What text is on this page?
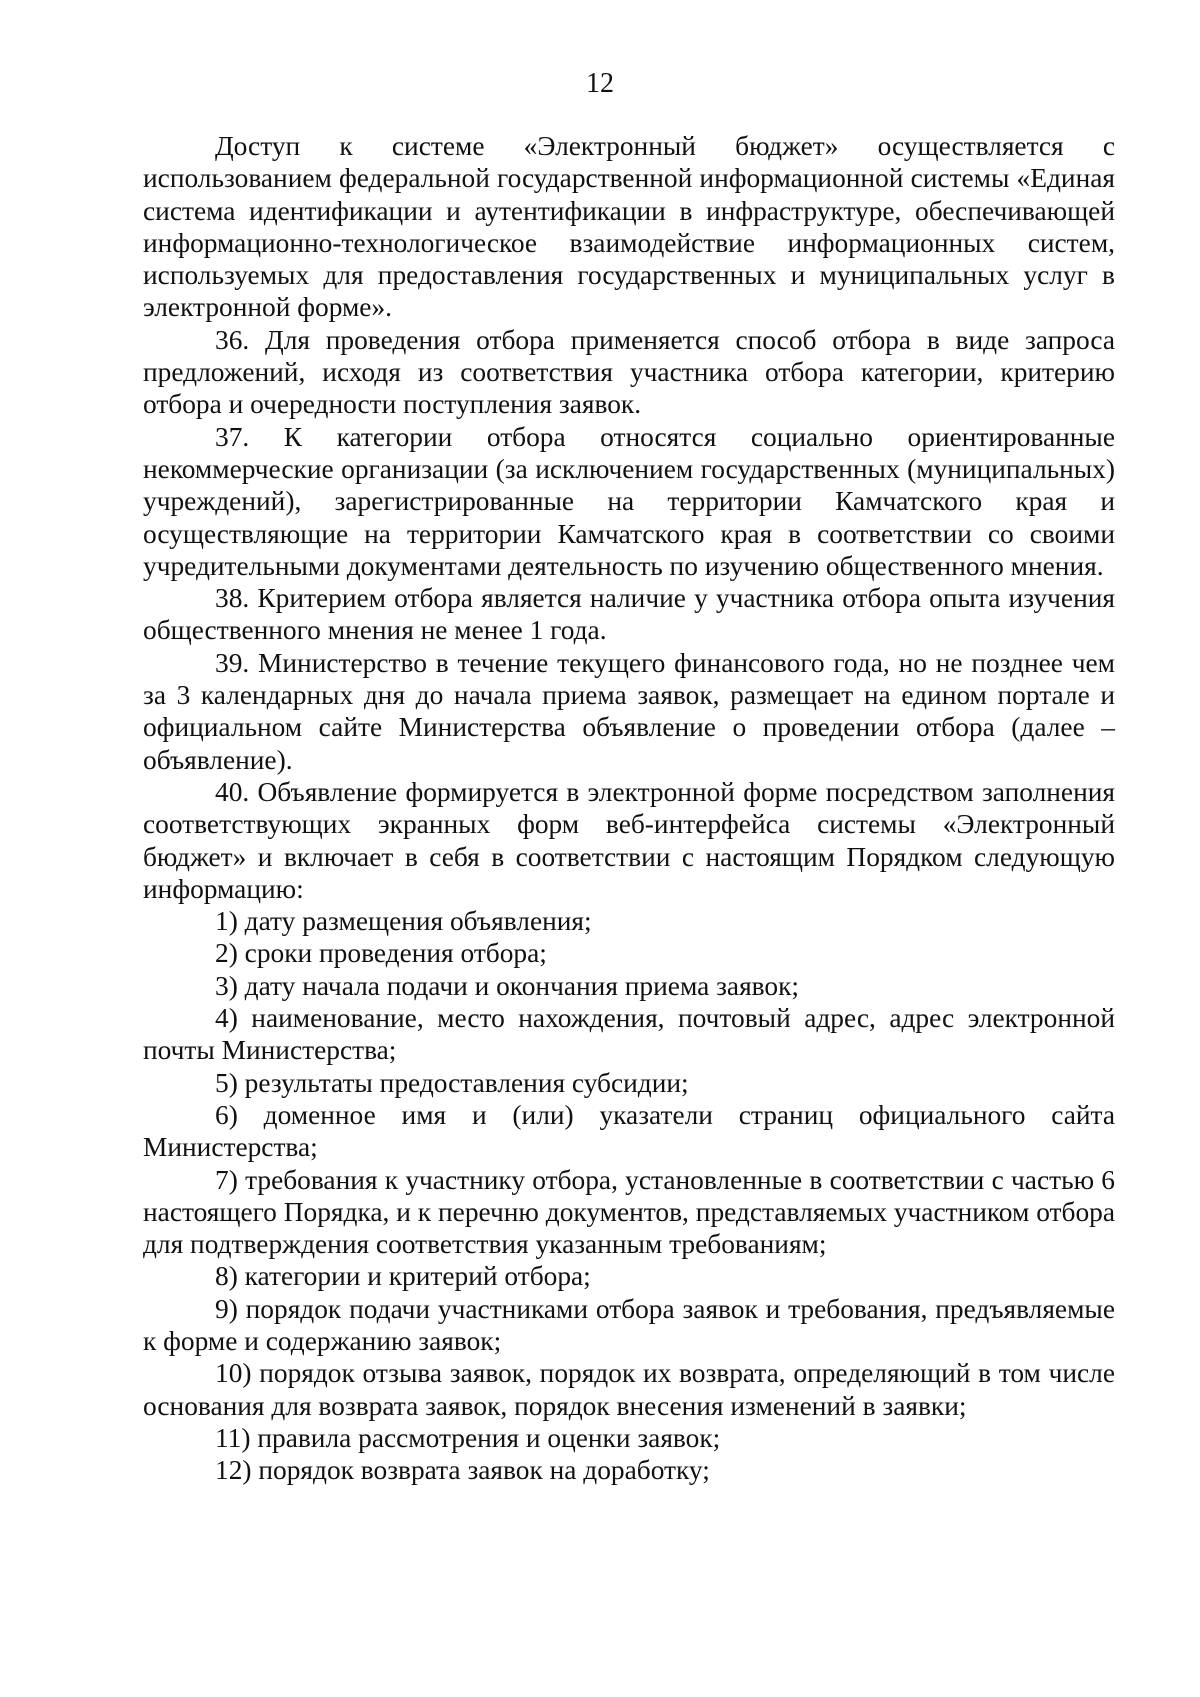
12

Доступ к системе «Электронный бюджет» осуществляется с использованием федеральной государственной информационной системы «Единая система идентификации и аутентификации в инфраструктуре, обеспечивающей информационно-технологическое взаимодействие информационных систем, используемых для предоставления государственных и муниципальных услуг в электронной форме».

36. Для проведения отбора применяется способ отбора в виде запроса предложений, исходя из соответствия участника отбора категории, критерию отбора и очередности поступления заявок.

37. К категории отбора относятся социально ориентированные некоммерческие организации (за исключением государственных (муниципальных) учреждений), зарегистрированные на территории Камчатского края и осуществляющие на территории Камчатского края в соответствии со своими учредительными документами деятельность по изучению общественного мнения.

38. Критерием отбора является наличие у участника отбора опыта изучения общественного мнения не менее 1 года.

39. Министерство в течение текущего финансового года, но не позднее чем за 3 календарных дня до начала приема заявок, размещает на едином портале и официальном сайте Министерства объявление о проведении отбора (далее – объявление).

40. Объявление формируется в электронной форме посредством заполнения соответствующих экранных форм веб-интерфейса системы «Электронный бюджет» и включает в себя в соответствии с настоящим Порядком следующую информацию:

1) дату размещения объявления;

2) сроки проведения отбора;

3) дату начала подачи и окончания приема заявок;

4) наименование, место нахождения, почтовый адрес, адрес электронной почты Министерства;

5) результаты предоставления субсидии;

6) доменное имя и (или) указатели страниц официального сайта Министерства;

7) требования к участнику отбора, установленные в соответствии с частью 6 настоящего Порядка, и к перечню документов, представляемых участником отбора для подтверждения соответствия указанным требованиям;

8) категории и критерий отбора;

9) порядок подачи участниками отбора заявок и требования, предъявляемые к форме и содержанию заявок;

10) порядок отзыва заявок, порядок их возврата, определяющий в том числе основания для возврата заявок, порядок внесения изменений в заявки;

11) правила рассмотрения и оценки заявок;

12) порядок возврата заявок на доработку;
